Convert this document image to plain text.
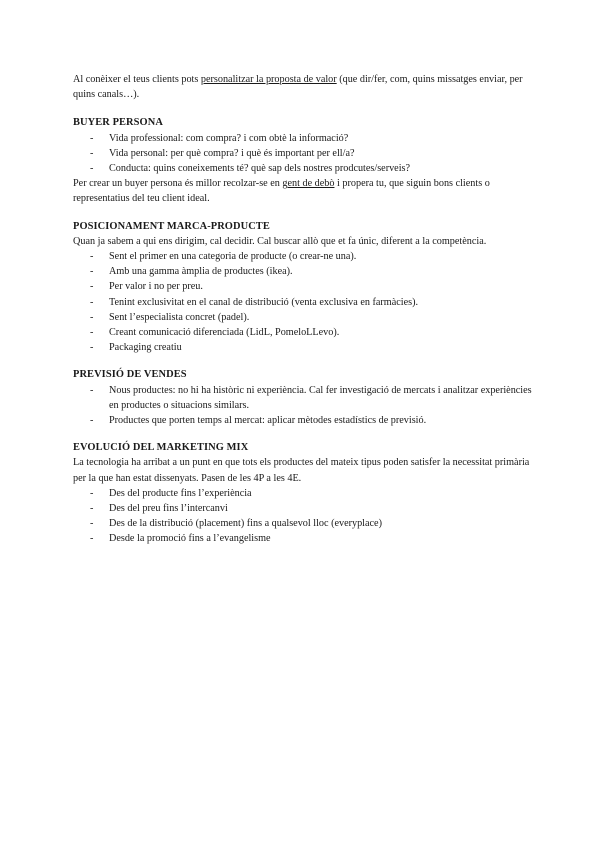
Al conèixer el teus clients pots personalitzar la proposta de valor (que dir/fer, com, quins missatges enviar, per quins canals…).

BUYER PERSONA
- Vida professional: com compra? i com obtè la informació?
- Vida personal: per què compra? i què és important per ell/a?
- Conducta: quins coneixements té? què sap dels nostres prodcutes/serveis?

Per crear un buyer persona és millor recolzar-se en gent de debò i propera tu, que siguin bons clients o representatius del teu client ideal.

POSICIONAMENT MARCA-PRODUCTE

Quan ja sabem a qui ens dirigim, cal decidir. Cal buscar allò que et fa únic, diferent a la competència.

- Sent el primer en una categoria de producte (o crear-ne una).
- Amb una gamma àmplia de productes (ikea).
- Per valor i no per preu.
- Tenint exclusivitat en el canal de distribució (venta exclusiva en farmàcies).
- Sent l’especialista concret (padel).
- Creant comunicació diferenciada (LidL, PomeloLLevo).
- Packaging creatiu
PREVISIÓ DE VENDES
- Nous productes: no hi ha històric ni experiència. Cal fer investigació de mercats i analitzar experiències en productes o situacions similars.
- Productes que porten temps al mercat: aplicar mètodes estadístics de previsió.
EVOLUCIÓ DEL MARKETING MIX

La tecnologia ha arribat a un punt en que tots els productes del mateix tipus poden satisfer la necessitat primària per la que han estat dissenyats. Pasen de les 4P a les 4E.

- Des del producte fins l’experiència
- Des del preu fins l’intercanvi
- Des de la distribució (placement) fins a qualsevol lloc (everyplace)
- Desde la promoció fins a l’evangelisme
